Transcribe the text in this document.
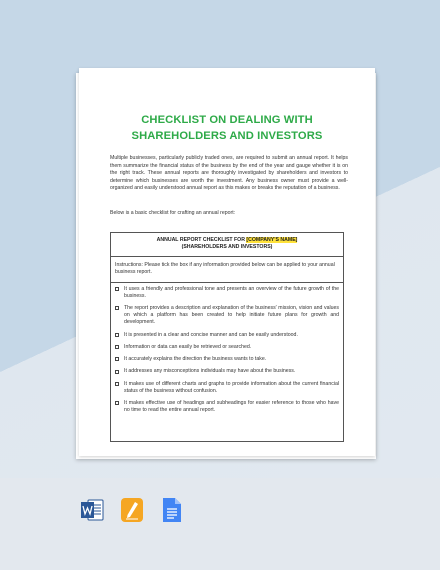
CHECKLIST ON DEALING WITH
SHAREHOLDERS AND INVESTORS
Multiple businesses, particularly publicly traded ones, are required to submit an annual report. It helps them summarize the financial status of the business by the end of the year and gauge whether it is on the right track. These annual reports are thoroughly investigated by shareholders and investors to determine which businesses are worth the investment. Any business owner must provide a well-organized and easily understood annual report as this makes or breaks the reputation of a business.
Below is a basic checklist for crafting an annual report:
ANNUAL REPORT CHECKLIST FOR [COMPANY'S NAME]
(SHAREHOLDERS AND INVESTORS)
Instructions: Please tick the box if any information provided below can be applied to your annual business report.
It uses a friendly and professional tone and presents an overview of the future growth of the business.
The report provides a description and explanation of the business' mission, vision and values on which a platform has been created to help initiate future plans for growth and development.
It is presented in a clear and concise manner and can be easily understood.
Information or data can easily be retrieved or searched.
It accurately explains the direction the business wants to take.
It addresses any misconceptions individuals may have about the business.
It makes use of different charts and graphs to provide information about the current financial status of the business without confusion.
It makes effective use of headings and subheadings for easier reference to those who have no time to read the entire annual report.
